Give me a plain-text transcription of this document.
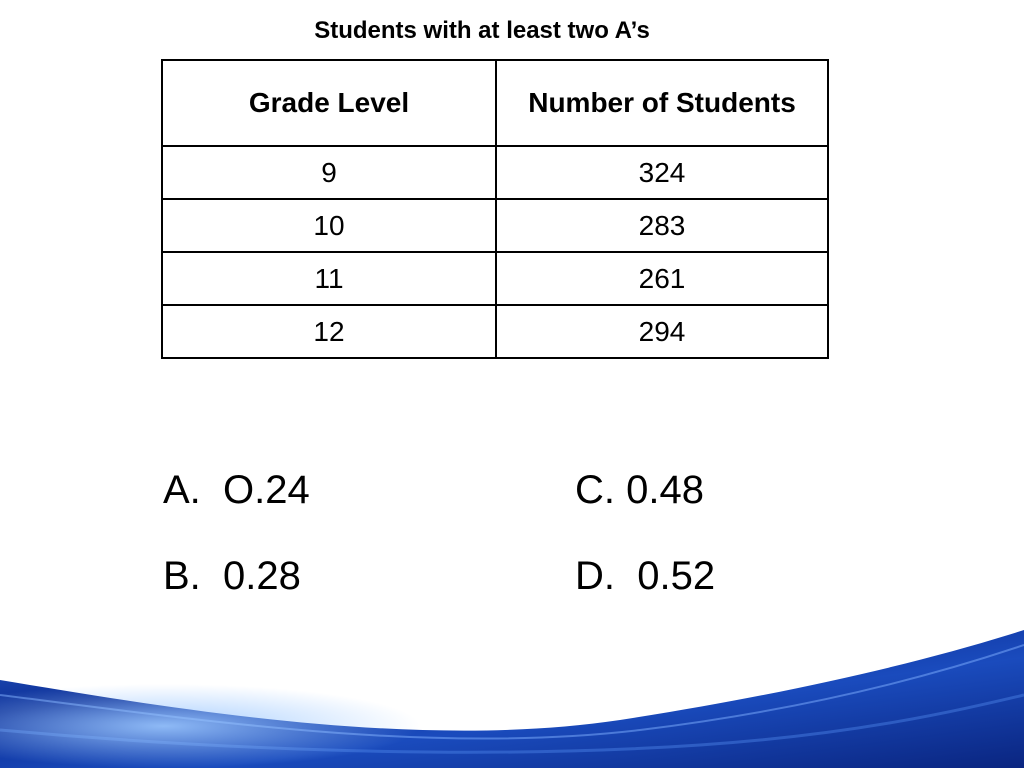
Students with at least two A’s
Grade Level	Number of Students
9	324
10	283
11	261
12	294
A. O.24
B. 0.28
C. 0.48
D. 0.52
